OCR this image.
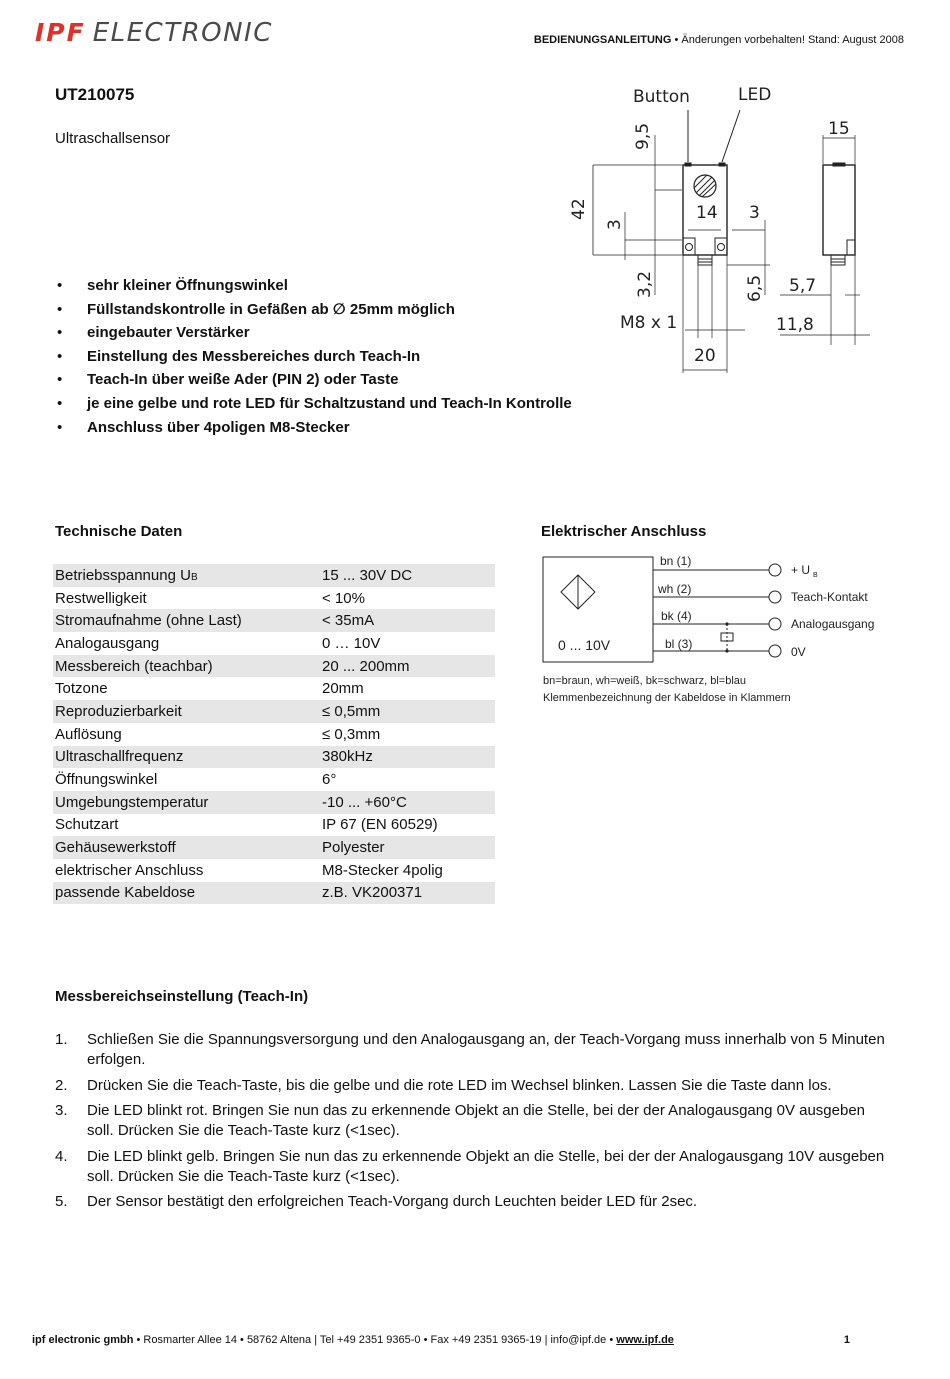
IPF ELECTRONIC	BEDIENUNGSANLEITUNG • Änderungen vorbehalten! Stand: August 2008
UT210075
Ultraschallsensor
• sehr kleiner Öffnungswinkel
• Füllstandskontrolle in Gefäßen ab ∅ 25mm möglich
• eingebauter Verstärker
• Einstellung des Messbereiches durch Teach-In
• Teach-In über weiße Ader (PIN 2) oder Taste
• je eine gelbe und rote LED für Schaltzustand und Teach-In Kontrolle
• Anschluss über 4poligen M8-Stecker
Button	LED
9,5
42
3
14 3
3,2	6,5
M8 x 1
20
15
5,7
11,8
Technische Daten
Betriebsspannung UB	15 ... 30V DC
Restwelligkeit	< 10%
Stromaufnahme (ohne Last)	< 35mA
Analogausgang	0 … 10V
Messbereich (teachbar)	20 ... 200mm
Totzone	20mm
Reproduzierbarkeit	≤ 0,5mm
Auflösung	≤ 0,3mm
Ultraschallfrequenz	380kHz
Öffnungswinkel	6°
Umgebungstemperatur	-10 ... +60°C
Schutzart	IP 67 (EN 60529)
Gehäusewerkstoff	Polyester
elektrischer Anschluss	M8-Stecker 4polig
passende Kabeldose	z.B. VK200371
Elektrischer Anschluss
bn (1)
wh (2)
bk (4)
bl (3)
0 ... 10V
+ U B
Teach-Kontakt
Analogausgang
0V
bn=braun, wh=weiß, bk=schwarz, bl=blau
Klemmenbezeichnung der Kabeldose in Klammern
Messbereichseinstellung (Teach-In)
1. Schließen Sie die Spannungsversorgung und den Analogausgang an, der Teach-Vorgang muss innerhalb von 5 Minuten erfolgen.
2. Drücken Sie die Teach-Taste, bis die gelbe und die rote LED im Wechsel blinken. Lassen Sie die Taste dann los.
3. Die LED blinkt rot. Bringen Sie nun das zu erkennende Objekt an die Stelle, bei der der Analogausgang 0V ausgeben soll. Drücken Sie die Teach-Taste kurz (<1sec).
4. Die LED blinkt gelb. Bringen Sie nun das zu erkennende Objekt an die Stelle, bei der der Analogausgang 10V ausgeben soll. Drücken Sie die Teach-Taste kurz (<1sec).
5. Der Sensor bestätigt den erfolgreichen Teach-Vorgang durch Leuchten beider LED für 2sec.
ipf electronic gmbh • Rosmarter Allee 14 • 58762 Altena | Tel +49 2351 9365-0 • Fax +49 2351 9365-19 | info@ipf.de • www.ipf.de	1
